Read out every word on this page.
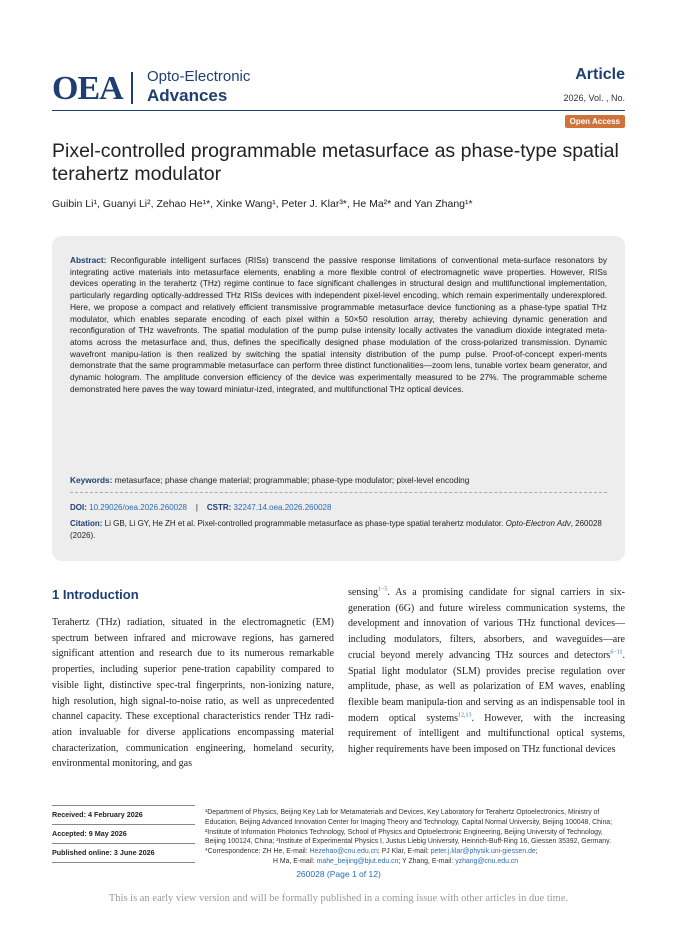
OEA Opto-Electronic
Advances
Article
2026, Vol. , No.
Open Access
Pixel-controlled programmable metasurface as phase-type spatial terahertz modulator
Guibin Li¹, Guanyi Li², Zehao He¹*, Xinke Wang¹, Peter J. Klar³*, He Ma²* and Yan Zhang¹*
Abstract: Reconfigurable intelligent surfaces (RISs) transcend the passive response limitations of conventional meta-surface resonators by integrating active materials into metasurface elements, enabling a more flexible control of electromagnetic wave properties. However, RISs devices operating in the terahertz (THz) regime continue to face significant challenges in structural design and multifunctional implementation, particularly regarding optically-addressed THz RISs devices with independent pixel-level encoding, which remain experimentally underexplored. Here, we propose a compact and relatively efficient transmissive programmable metasurface device functioning as a phase-type spatial THz modulator, which enables separate encoding of each pixel within a 50×50 resolution array, thereby achieving dynamic generation and reconfiguration of THz wavefronts. The spatial modulation of the pump pulse intensity locally activates the vanadium dioxide integrated meta-atoms across the metasurface and, thus, defines the specifically designed phase modulation of the cross-polarized transmission. Dynamic wavefront manipu-lation is then realized by switching the spatial intensity distribution of the pump pulse. Proof-of-concept experi-ments demonstrate that the same programmable metasurface can perform three distinct functionalities—zoom lens, tunable vortex beam generator, and dynamic hologram. The amplitude conversion efficiency of the device was experimentally measured to be 27%. The programmable scheme demonstrated here paves the way toward miniatur-ized, integrated, and multifunctional THz optical devices.
Keywords: metasurface; phase change material; programmable; phase-type modulator; pixel-level encoding
DOI: 10.29026/oea.2026.260028 | CSTR: 32247.14.oea.2026.260028
Citation: Li GB, Li GY, He ZH et al. Pixel-controlled programmable metasurface as phase-type spatial terahertz modulator. Opto-Electron Adv, 260028 (2026).
1 Introduction
Terahertz (THz) radiation, situated in the electromagnetic (EM) spectrum between infrared and microwave regions, has garnered significant attention and research due to its numerous remarkable properties, including superior pene-tration capability compared to visible light, distinctive spec-tral fingerprints, non-ionizing nature, high resolution, high signal-to-noise ratio, as well as unprecedented channel capacity. These exceptional characteristics render THz radi-ation invaluable for diverse applications encompassing material characterization, communication engineering, homeland security, environmental monitoring, and gas
sensing$^{1-5}$. As a promising candidate for signal carriers in six-generation (6G) and future wireless communication systems, the development and innovation of various THz functional devices—including modulators, filters, absorbers, and waveguides—are crucial beyond merely advancing THz sources and detectors$^{6-11}$. Spatial light modulator (SLM) provides precise regulation over amplitude, phase, as well as polarization of EM waves, enabling flexible beam manipula-tion and serving as an indispensable tool in modern optical systems$^{12,13}$. However, with the increasing requirement of intelligent and multifunctional optical systems, higher requirements have been imposed on THz functional devices
Received: 4 February 2026
Accepted: 9 May 2026
Published online: 3 June 2026
¹Department of Physics, Beijing Key Lab for Metamaterials and Devices, Key Laboratory for Terahertz Optoelectronics, Ministry of Education, Beijing Advanced Innovation Center for Imaging Theory and Technology, Capital Normal University, Beijing 100048, China; ²Institute of Information Photonics Technology, School of Physics and Optoelectronic Engineering, Beijing University of Technology, Beijing 100124, China; ³Institute of Experimental Physics I, Justus Liebig University, Heinrich-Buff-Ring 16, Giessen 35392, Germany.
*Correspondence: ZH He, E-mail: Hezehao@cnu.edu.cn; PJ Klar, E-mail: peter.j.klar@physik.uni-giessen.de;
H Ma, E-mail: mahe_beijing@bjut.edu.cn; Y Zhang, E-mail: yzhang@cnu.edu.cn
260028 (Page 1 of 12)
This is an early view version and will be formally published in a coming issue with other articles in due time.
